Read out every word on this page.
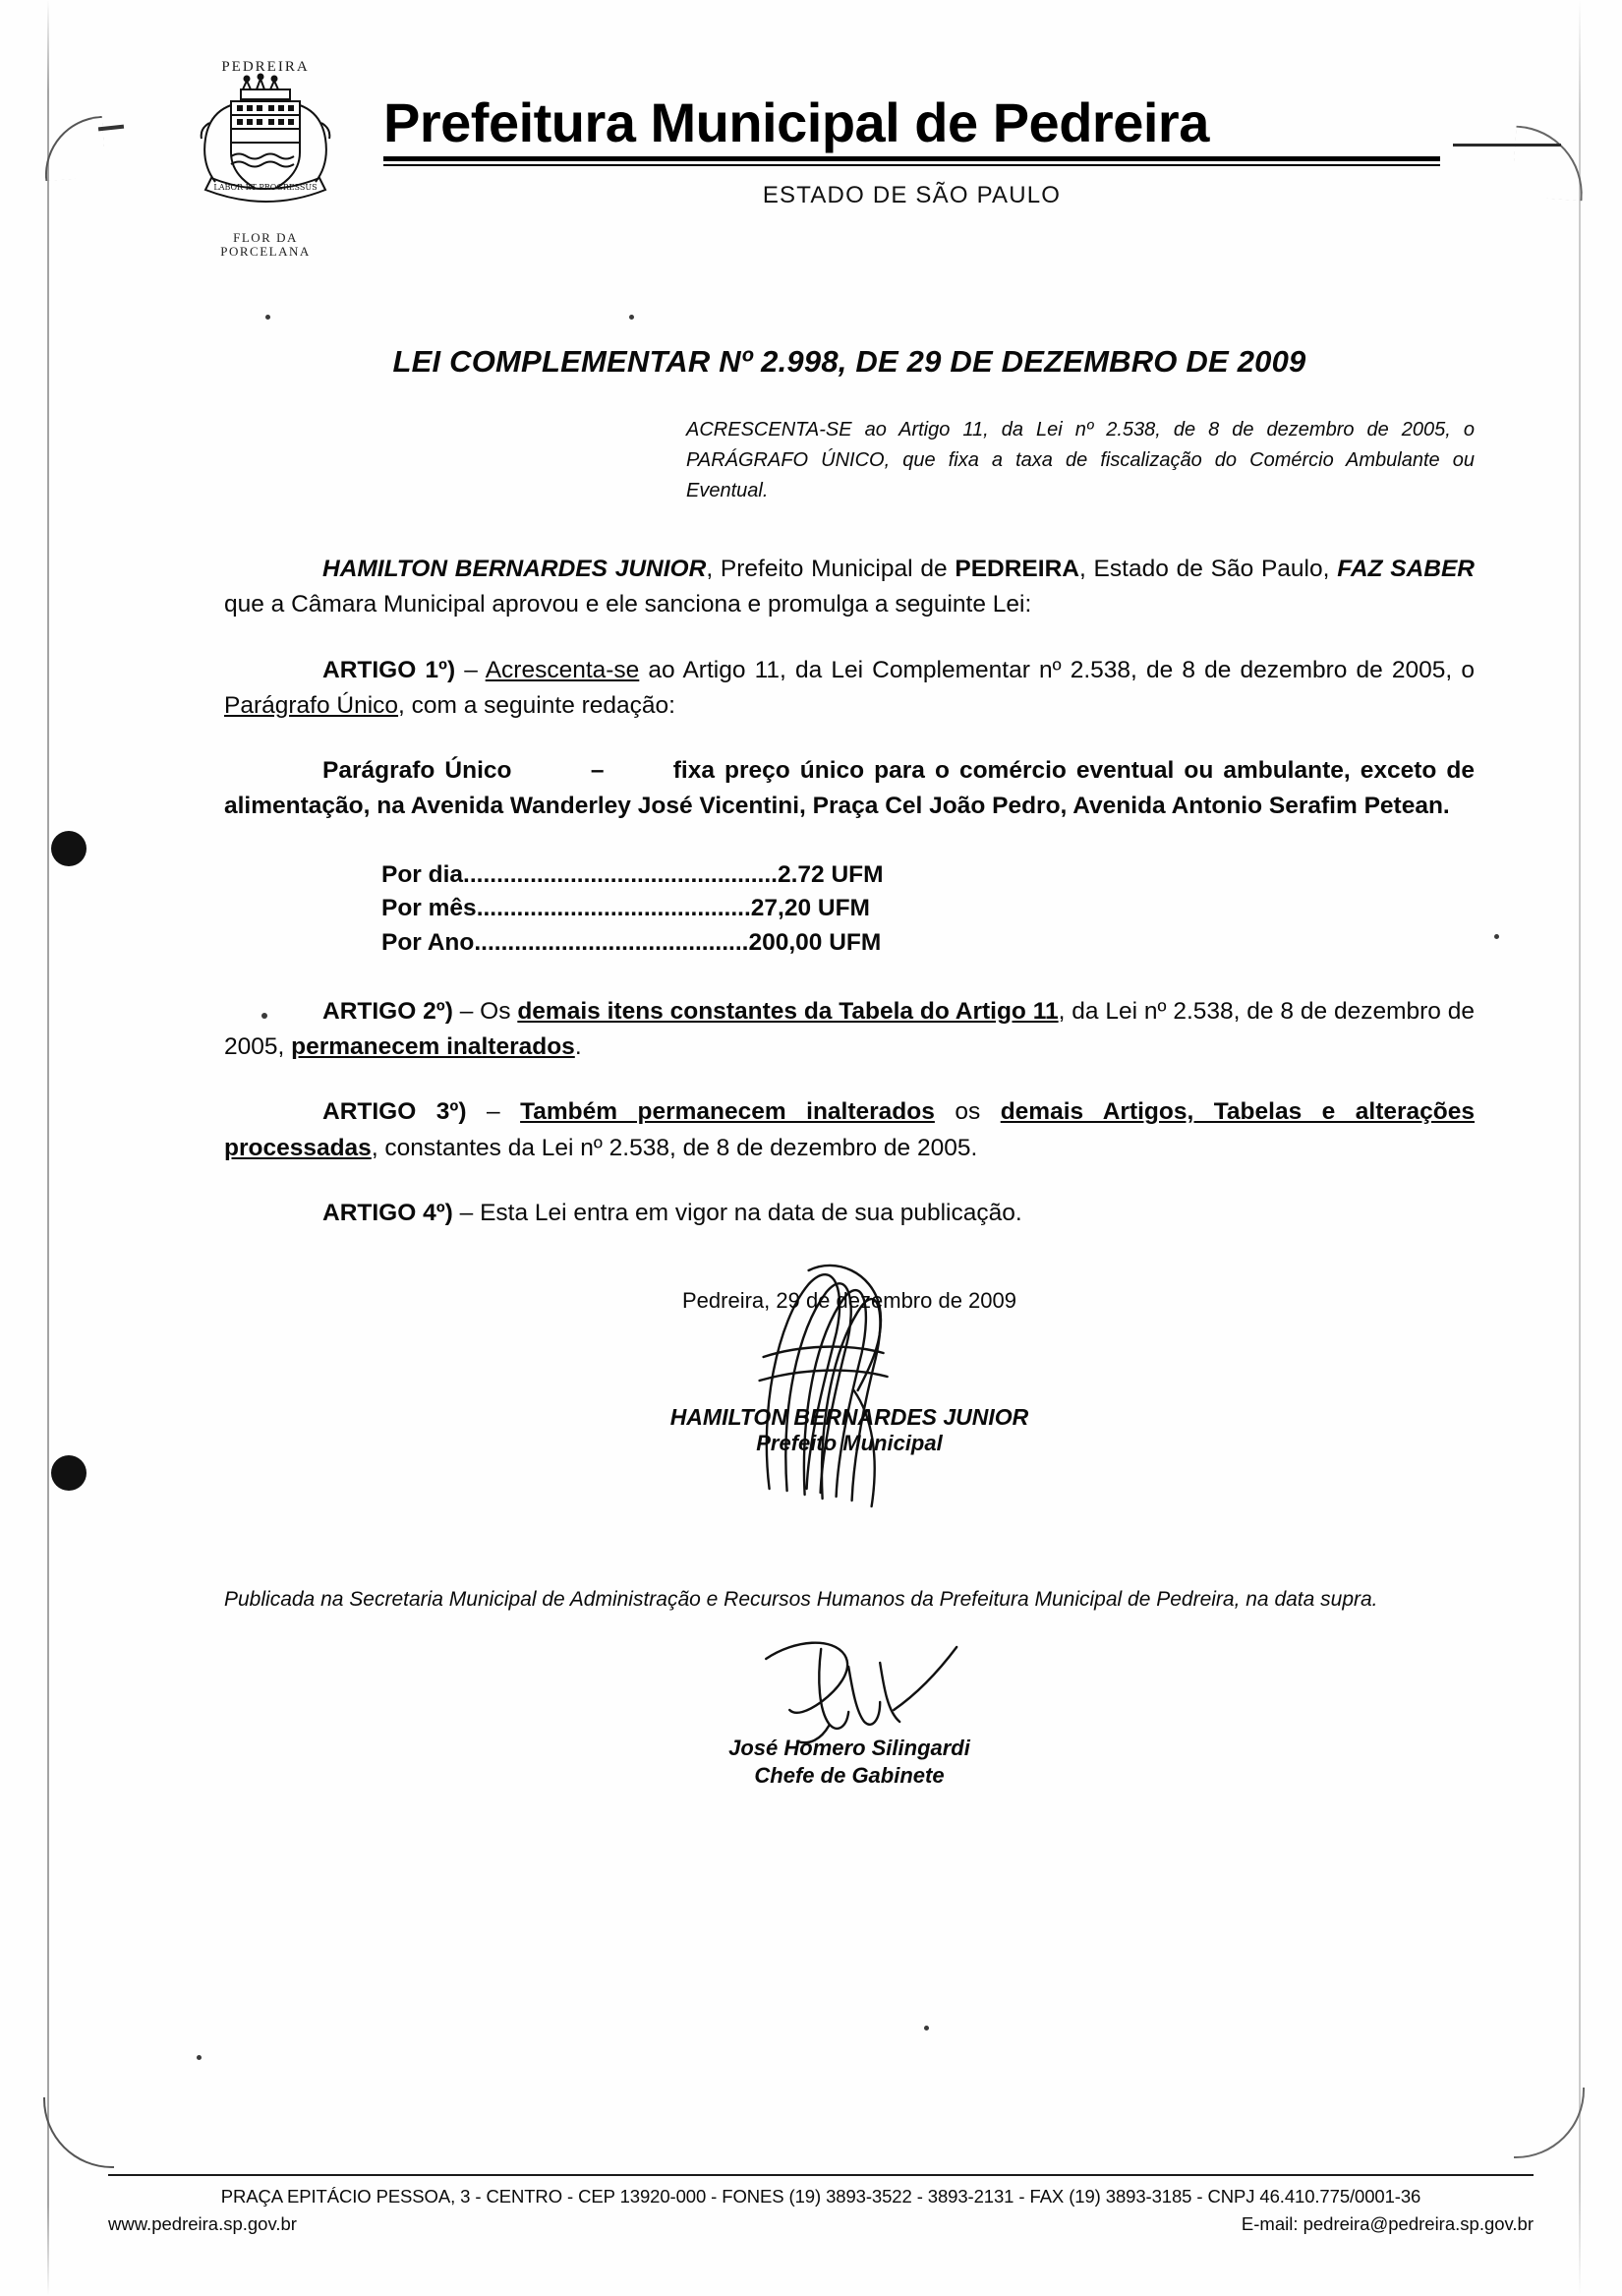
PEDREIRA
LABOR ET PROGRESSUS
FLOR DA
PORCELANA
Prefeitura Municipal de Pedreira
ESTADO DE SÃO PAULO
LEI COMPLEMENTAR Nº 2.998, DE 29 DE DEZEMBRO DE 2009
ACRESCENTA-SE ao Artigo 11, da Lei nº 2.538, de 8 de dezembro de 2005, o PARÁGRAFO ÚNICO, que fixa a taxa de fiscalização do Comércio Ambulante ou Eventual.

HAMILTON BERNARDES JUNIOR, Prefeito Municipal de PEDREIRA, Estado de São Paulo, FAZ SABER que a Câmara Municipal aprovou e ele sanciona e promulga a seguinte Lei:

ARTIGO 1º) – Acrescenta-se ao Artigo 11, da Lei Complementar nº 2.538, de 8 de dezembro de 2005, o Parágrafo Único, com a seguinte redação:

Parágrafo Único	–	fixa preço único para o comércio eventual ou ambulante, exceto de alimentação, na Avenida Wanderley José Vicentini, Praça Cel João Pedro, Avenida Antonio Serafim Petean.

Por dia...............................................2.72 UFM
Por mês.........................................27,20 UFM
Por Ano.........................................200,00 UFM

ARTIGO 2º) – Os demais itens constantes da Tabela do Artigo 11, da Lei nº 2.538, de 8 de dezembro de 2005, permanecem inalterados.

ARTIGO 3º) – Também permanecem inalterados os demais Artigos, Tabelas e alterações processadas, constantes da Lei nº 2.538, de 8 de dezembro de 2005.

ARTIGO 4º) – Esta Lei entra em vigor na data de sua publicação.

Pedreira, 29 de dezembro de 2009
HAMILTON BERNARDES JUNIOR
Prefeito Municipal
Publicada na Secretaria Municipal de Administração e Recursos Humanos da Prefeitura Municipal de Pedreira, na data supra.
José Homero Silingardi
Chefe de Gabinete
PRAÇA EPITÁCIO PESSOA, 3 - CENTRO - CEP 13920-000 - FONES (19) 3893-3522 - 3893-2131 - FAX (19) 3893-3185 - CNPJ 46.410.775/0001-36
www.pedreira.sp.gov.br	E-mail: pedreira@pedreira.sp.gov.br
